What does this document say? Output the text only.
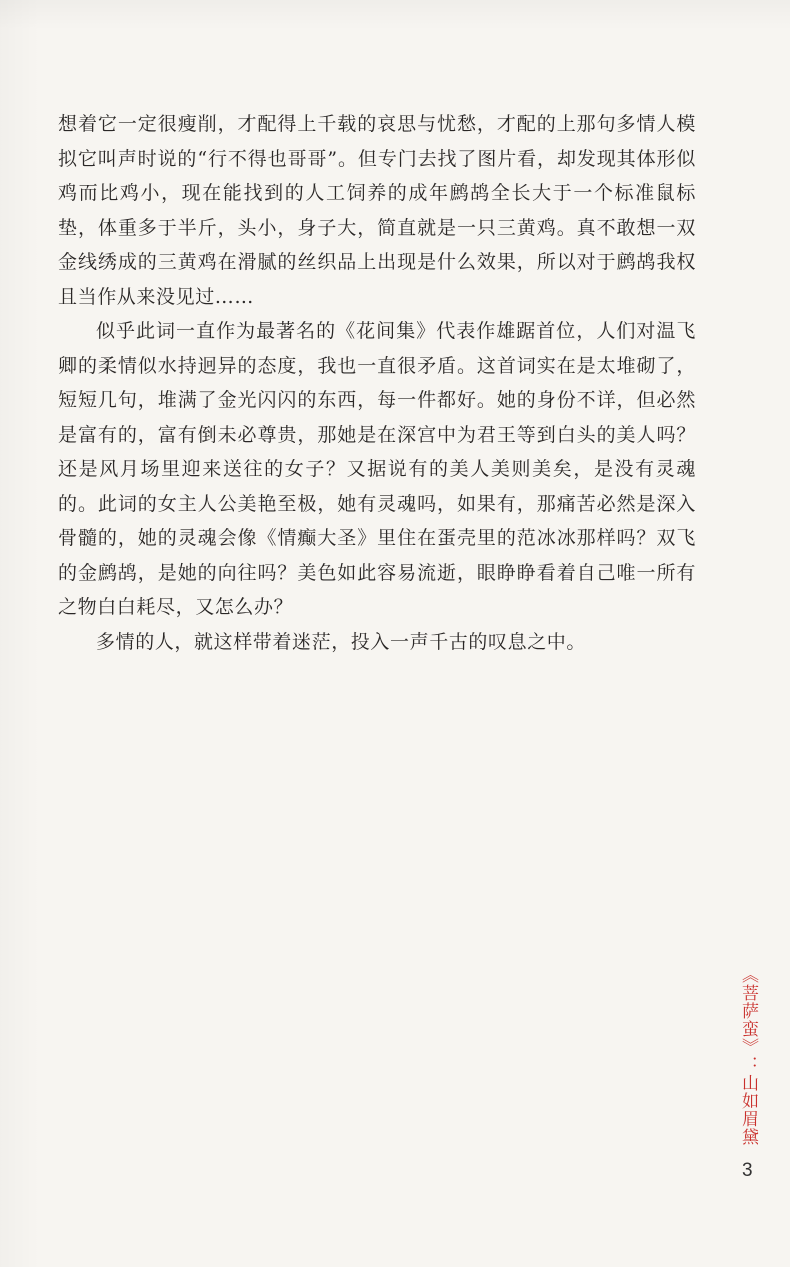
想着它一定很瘦削，才配得上千载的哀思与忧愁，才配的上那句多情人模拟它叫声时说的“行不得也哥哥”。但专门去找了图片看，却发现其体形似鸡而比鸡小，现在能找到的人工饲养的成年鹧鸪全长大于一个标准鼠标垫，体重多于半斤，头小，身子大，简直就是一只三黄鸡。真不敢想一双金线绣成的三黄鸡在滑腻的丝织品上出现是什么效果，所以对于鹧鸪我权且当作从来没见过……

似乎此词一直作为最著名的《花间集》代表作雄踞首位，人们对温飞卿的柔情似水持迥异的态度，我也一直很矛盾。这首词实在是太堆砌了，短短几句，堆满了金光闪闪的东西，每一件都好。她的身份不详，但必然是富有的，富有倒未必尊贵，那她是在深宫中为君王等到白头的美人吗？还是风月场里迎来送往的女子？又据说有的美人美则美矣，是没有灵魂的。此词的女主人公美艳至极，她有灵魂吗，如果有，那痛苦必然是深入骨髓的，她的灵魂会像《情癫大圣》里住在蛋壳里的范冰冰那样吗？双飞的金鹧鸪，是她的向往吗？美色如此容易流逝，眼睁睁看着自己唯一所有之物白白耗尽，又怎么办？

多情的人，就这样带着迷茫，投入一声千古的叹息之中。

《菩萨蛮》：山如眉黛
3
